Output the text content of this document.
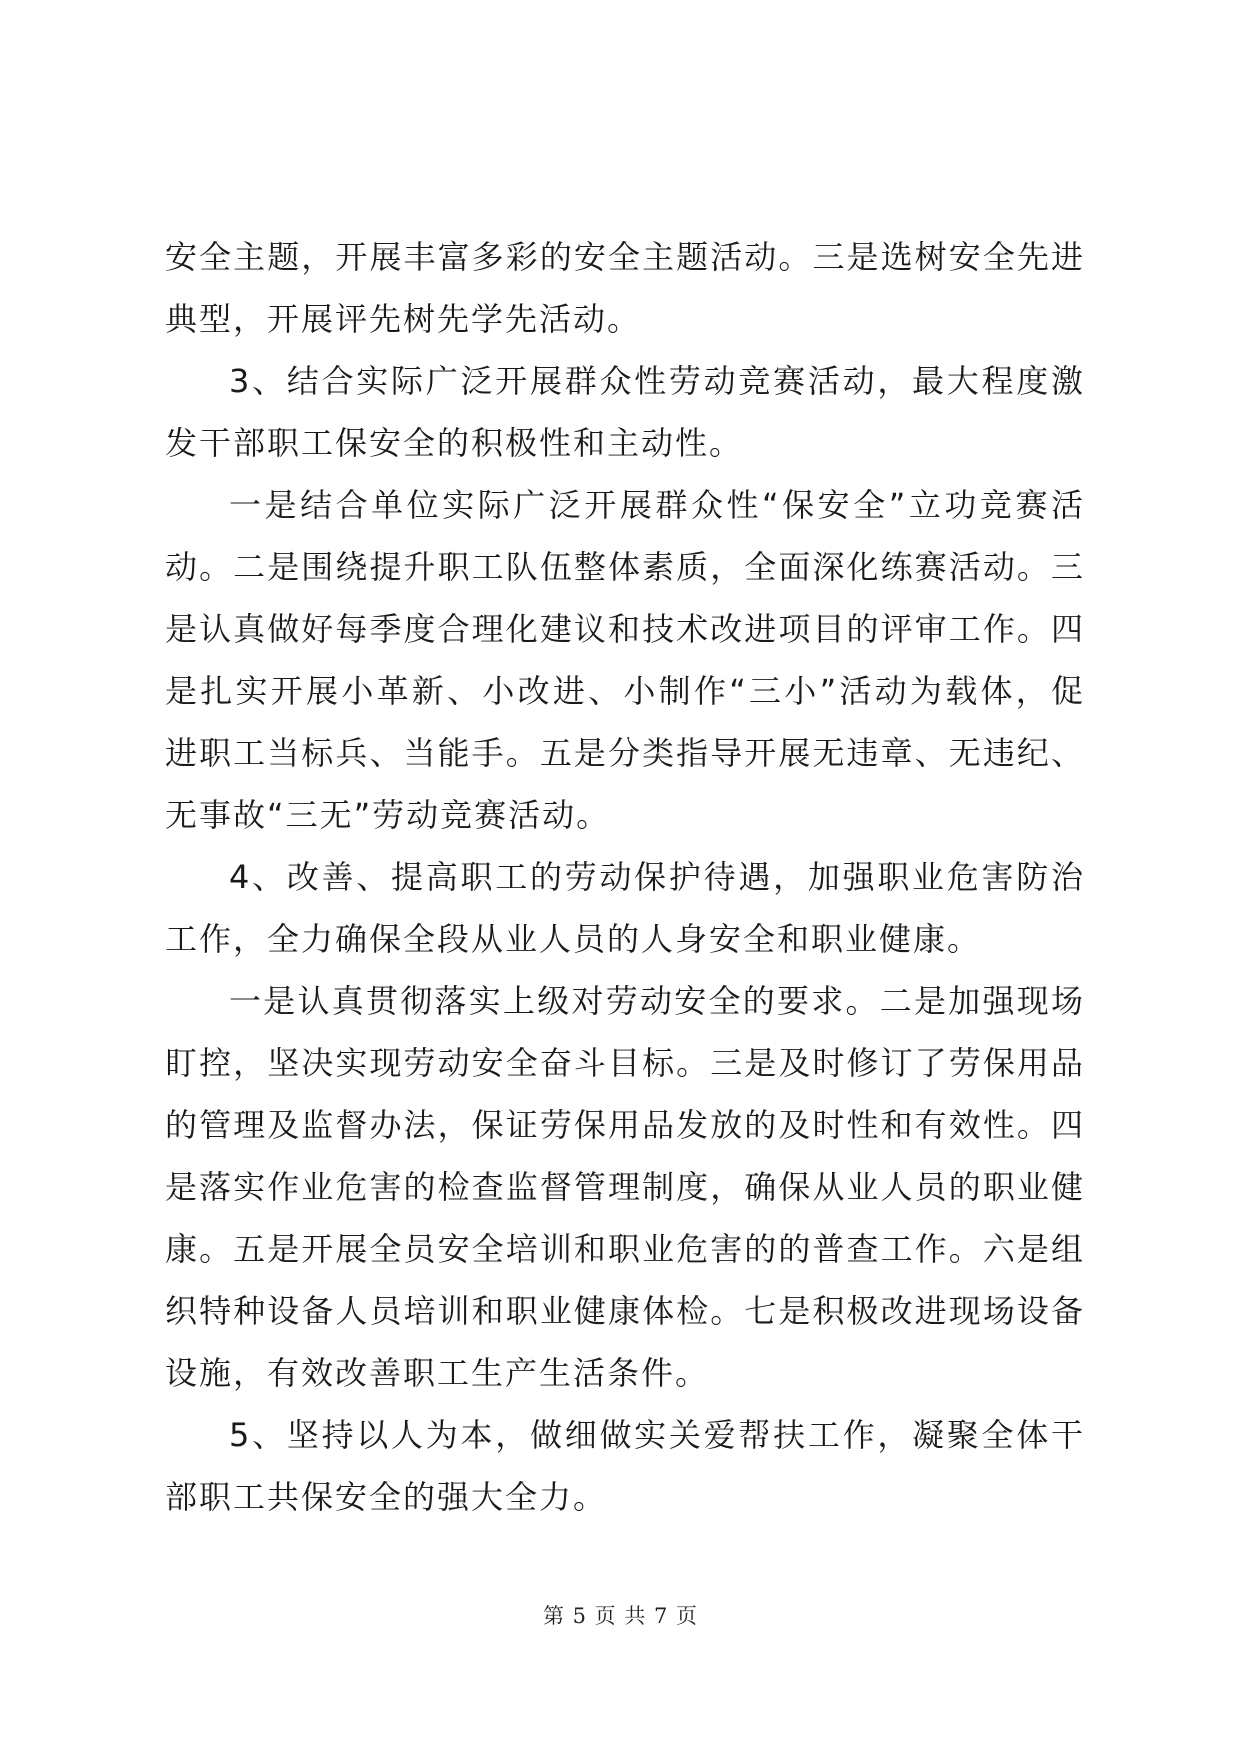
安全主题，开展丰富多彩的安全主题活动。三是选树安全先进典型，开展评先树先学先活动。

3、结合实际广泛开展群众性劳动竞赛活动，最大程度激发干部职工保安全的积极性和主动性。

一是结合单位实际广泛开展群众性“保安全”立功竞赛活动。二是围绕提升职工队伍整体素质，全面深化练赛活动。三是认真做好每季度合理化建议和技术改进项目的评审工作。四是扎实开展小革新、小改进、小制作“三小”活动为载体，促进职工当标兵、当能手。五是分类指导开展无违章、无违纪、无事故“三无”劳动竞赛活动。

4、改善、提高职工的劳动保护待遇，加强职业危害防治工作，全力确保全段从业人员的人身安全和职业健康。

一是认真贯彻落实上级对劳动安全的要求。二是加强现场盯控，坚决实现劳动安全奋斗目标。三是及时修订了劳保用品的管理及监督办法，保证劳保用品发放的及时性和有效性。四是落实作业危害的检查监督管理制度，确保从业人员的职业健康。五是开展全员安全培训和职业危害的的普查工作。六是组织特种设备人员培训和职业健康体检。七是积极改进现场设备设施，有效改善职工生产生活条件。

5、坚持以人为本，做细做实关爱帮扶工作，凝聚全体干部职工共保安全的强大全力。

第 5 页 共 7 页
